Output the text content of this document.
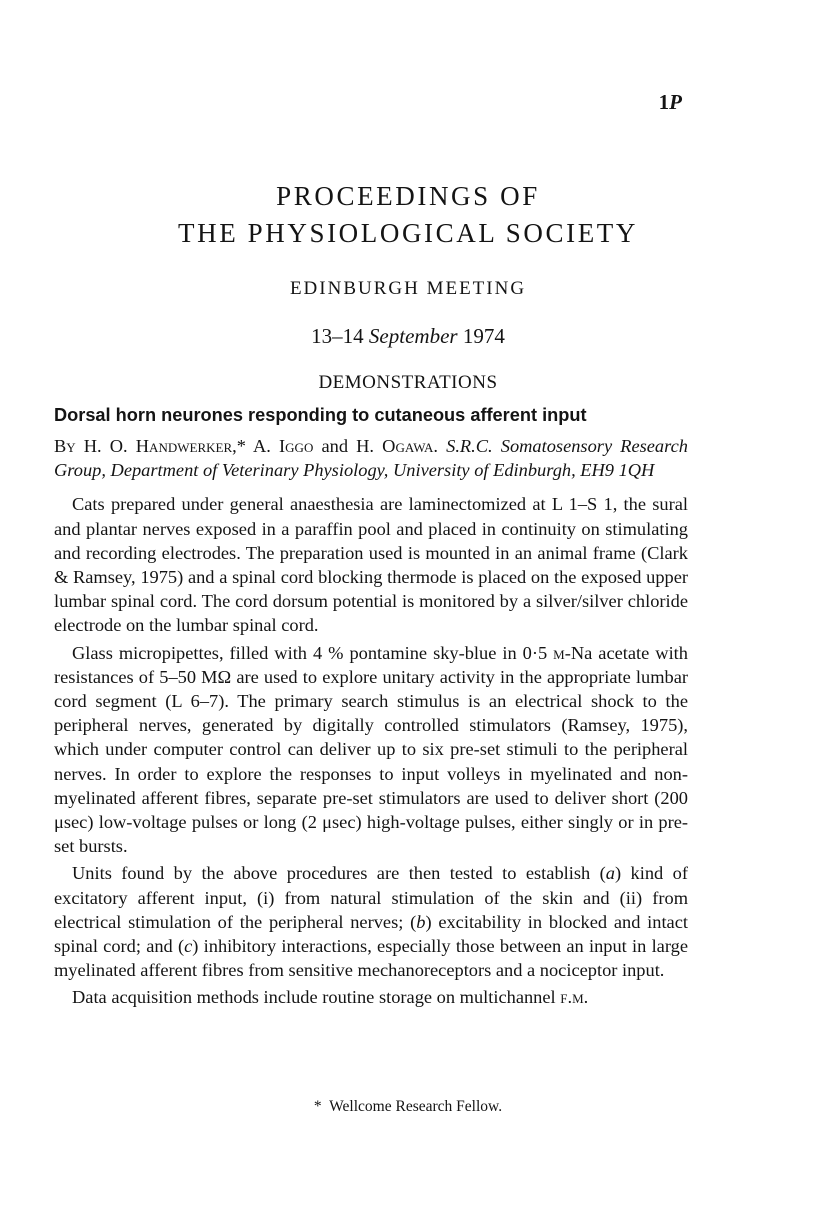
1P
PROCEEDINGS OF
THE PHYSIOLOGICAL SOCIETY
EDINBURGH MEETING
13–14 September 1974
DEMONSTRATIONS
Dorsal horn neurones responding to cutaneous afferent input

By H. O. Handwerker,* A. Iggo and H. Ogawa. S.R.C. Somatosensory Research Group, Department of Veterinary Physiology, University of Edinburgh, EH9 1QH

Cats prepared under general anaesthesia are laminectomized at L 1–S 1, the sural and plantar nerves exposed in a paraffin pool and placed in continuity on stimulating and recording electrodes. The preparation used is mounted in an animal frame (Clark & Ramsey, 1975) and a spinal cord blocking thermode is placed on the exposed upper lumbar spinal cord. The cord dorsum potential is monitored by a silver/silver chloride electrode on the lumbar spinal cord.

Glass micropipettes, filled with 4 % pontamine sky-blue in 0·5 m-Na acetate with resistances of 5–50 MΩ are used to explore unitary activity in the appropriate lumbar cord segment (L 6–7). The primary search stimulus is an electrical shock to the peripheral nerves, generated by digitally controlled stimulators (Ramsey, 1975), which under computer control can deliver up to six pre-set stimuli to the peripheral nerves. In order to explore the responses to input volleys in myelinated and non-myelinated afferent fibres, separate pre-set stimulators are used to deliver short (200 μsec) low-voltage pulses or long (2 μsec) high-voltage pulses, either singly or in pre-set bursts.

Units found by the above procedures are then tested to establish (a) kind of excitatory afferent input, (i) from natural stimulation of the skin and (ii) from electrical stimulation of the peripheral nerves; (b) excitability in blocked and intact spinal cord; and (c) inhibitory interactions, especially those between an input in large myelinated afferent fibres from sensitive mechanoreceptors and a nociceptor input.

Data acquisition methods include routine storage on multichannel f.m.

* Wellcome Research Fellow.
